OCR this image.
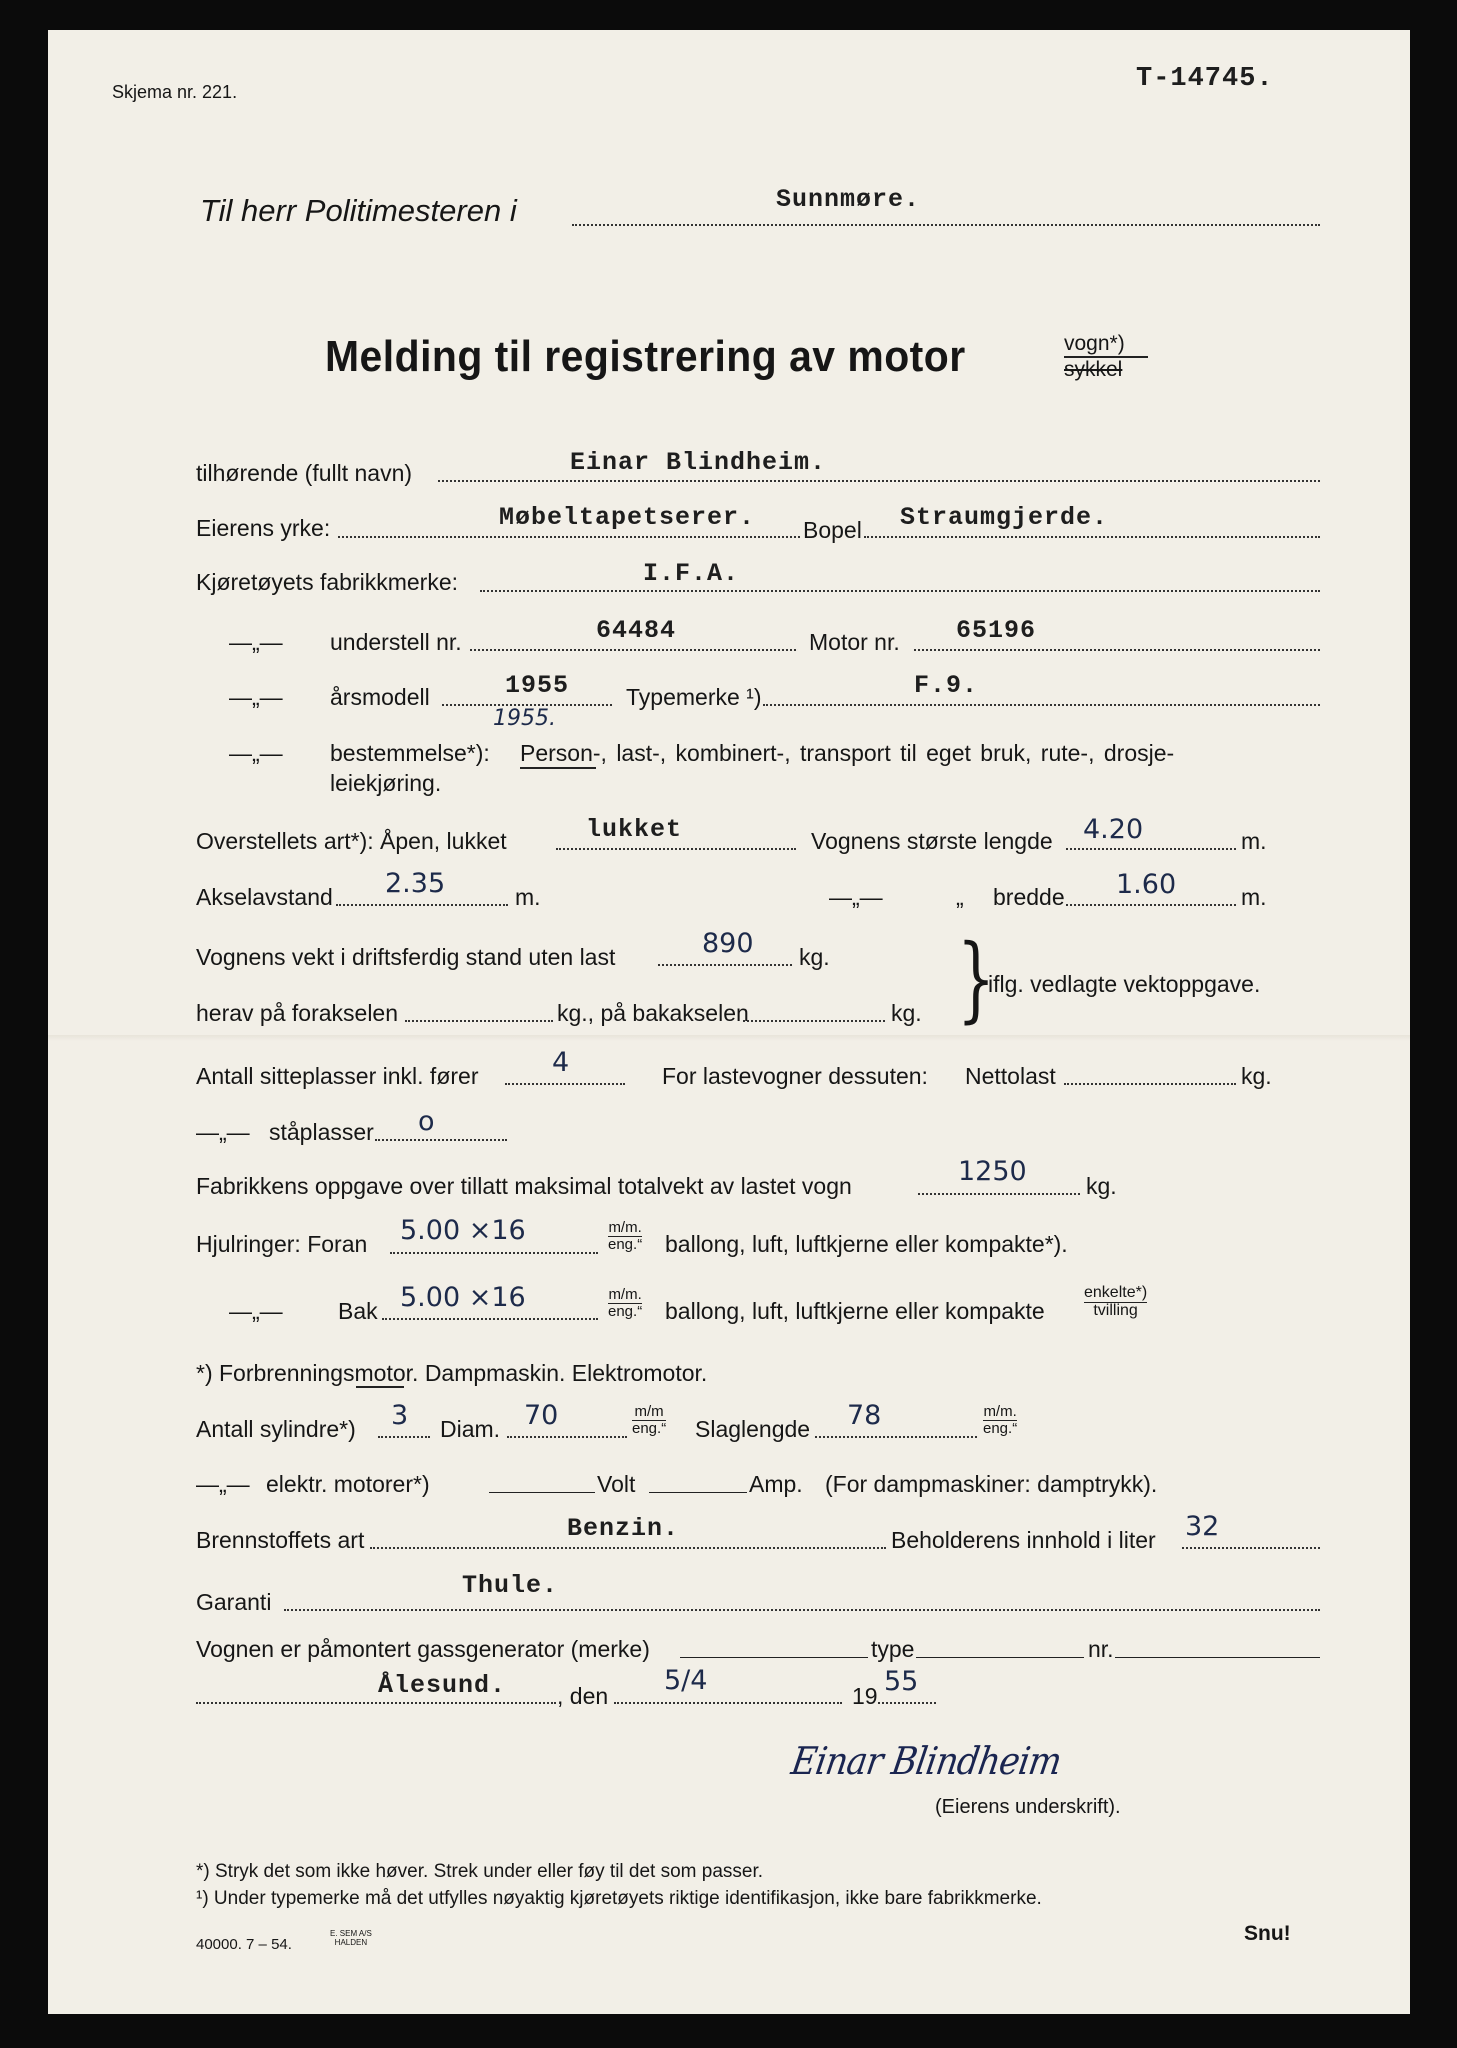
Skjema nr. 221.	T-14745.
Til herr Politimesteren i	Sunnmøre.
Melding til registrering av motor	vogn*)
sykkel
tilhørende (fullt navn)	Einar Blindheim.
Eierens yrke:	Møbeltapetserer. Bopel Straumgjerde.
Kjøretøyets fabrikkmerke:	I.F.A.
—„— understell nr.	64484	Motor nr. 65196
—„— årsmodell	1955
1955.
Typemerke ¹)	F.9.
—„— bestemmelse*): Person-, last-, kombinert-, transport til eget bruk, rute-, drosje-
leiekjøring.
Overstellets art*): Åpen, lukket	lukket	Vognens største lengde 4.20	m.
Akselavstand 2.35	m.	—„—	„ bredde 1.60	m.
Vognens vekt i driftsferdig stand uten last	890 kg.
herav på forakselen	kg., på bakakselen	kg. }
iflg. vedlagte vektoppgave.
Antall sitteplasser inkl. fører	4	For lastevogner dessuten: Nettolast	kg.
—„— ståplasser o
Fabrikkens oppgave over tillatt maksimal totalvekt av lastet vogn	1250	kg.
Hjulringer: Foran 5.00 ×16	m/m.
eng.“ ballong, luft, luftkjerne eller kompakte*).
—„— Bak 5.00 ×16	m/m.
eng.“ ballong, luft, luftkjerne eller kompakte
enkelte*)
tvilling
*) Forbrenningsmotor. Dampmaskin. Elektromotor.
Antall sylindre*) 3 Diam. 70	m/m
eng.“ Slaglengde 78	m/m.
eng.“
—„— elektr. motorer*)	Volt	Amp. (For dampmaskiner: damptrykk).
Brennstoffets art	Benzin.	Beholderens innhold i liter 32
Garanti
Thule.
Vognen er påmontert gassgenerator (merke)	type	nr.
Ålesund. , den 5/4	19 55
Einar Blindheim
(Eierens underskrift).
*) Stryk det som ikke høver. Strek under eller føy til det som passer.
¹) Under typemerke må det utfylles nøyaktig kjøretøyets riktige identifikasjon, ikke bare fabrikkmerke.
40000. 7 – 54.
E. SEM A/S
HALDEN	Snu!
